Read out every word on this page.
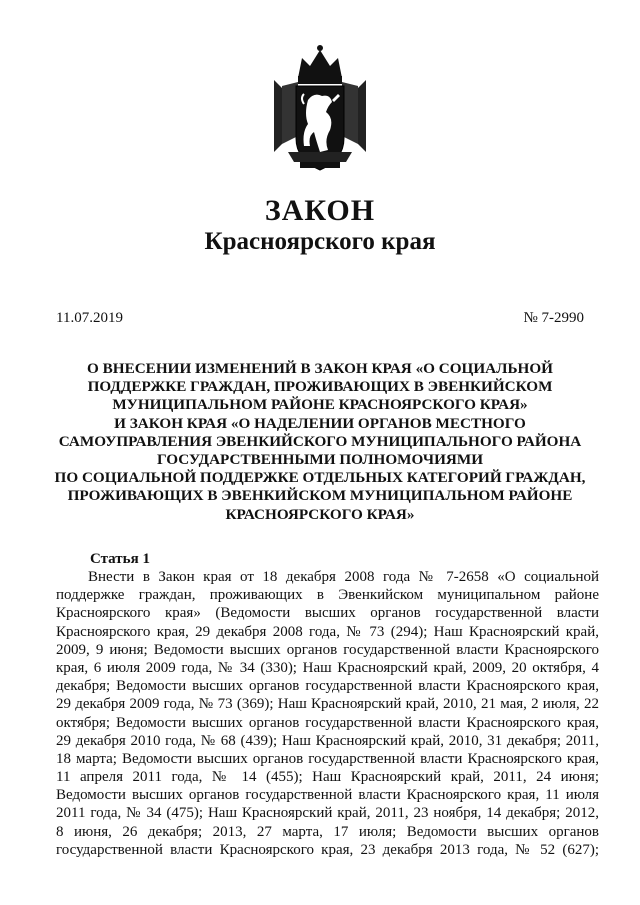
ЗАКОН
Красноярского края
11.07.2019	№ 7-2990
О ВНЕСЕНИИ ИЗМЕНЕНИЙ В ЗАКОН КРАЯ «О СОЦИАЛЬНОЙ
ПОДДЕРЖКЕ ГРАЖДАН, ПРОЖИВАЮЩИХ В ЭВЕНКИЙСКОМ
МУНИЦИПАЛЬНОМ РАЙОНЕ КРАСНОЯРСКОГО КРАЯ»
И ЗАКОН КРАЯ «О НАДЕЛЕНИИ ОРГАНОВ МЕСТНОГО
САМОУПРАВЛЕНИЯ ЭВЕНКИЙСКОГО МУНИЦИПАЛЬНОГО РАЙОНА
ГОСУДАРСТВЕННЫМИ ПОЛНОМОЧИЯМИ
ПО СОЦИАЛЬНОЙ ПОДДЕРЖКЕ ОТДЕЛЬНЫХ КАТЕГОРИЙ ГРАЖДАН,
ПРОЖИВАЮЩИХ В ЭВЕНКИЙСКОМ МУНИЦИПАЛЬНОМ РАЙОНЕ
КРАСНОЯРСКОГО КРАЯ»
Статья 1
Внести в Закон края от 18 декабря 2008 года № 7-2658 «О социальной
поддержке граждан, проживающих в Эвенкийском муниципальном районе
Красноярского края» (Ведомости высших органов государственной власти
Красноярского края, 29 декабря 2008 года, № 73 (294); Наш Красноярский край,
2009, 9 июня; Ведомости высших органов государственной власти Красноярского
края, 6 июля 2009 года, № 34 (330); Наш Красноярский край, 2009, 20 октября, 4
декабря; Ведомости высших органов государственной власти Красноярского края,
29 декабря 2009 года, № 73 (369); Наш Красноярский край, 2010, 21 мая, 2 июля, 22
октября; Ведомости высших органов государственной власти Красноярского края,
29 декабря 2010 года, № 68 (439); Наш Красноярский край, 2010, 31 декабря; 2011,
18 марта; Ведомости высших органов государственной власти Красноярского края,
11 апреля 2011 года, № 14 (455); Наш Красноярский край, 2011, 24 июня;
Ведомости высших органов государственной власти Красноярского края, 11 июля
2011 года, № 34 (475); Наш Красноярский край, 2011, 23 ноября, 14 декабря; 2012,
8 июня, 26 декабря; 2013, 27 марта, 17 июля; Ведомости высших органов
государственной власти Красноярского края, 23 декабря 2013 года, № 52 (627);
